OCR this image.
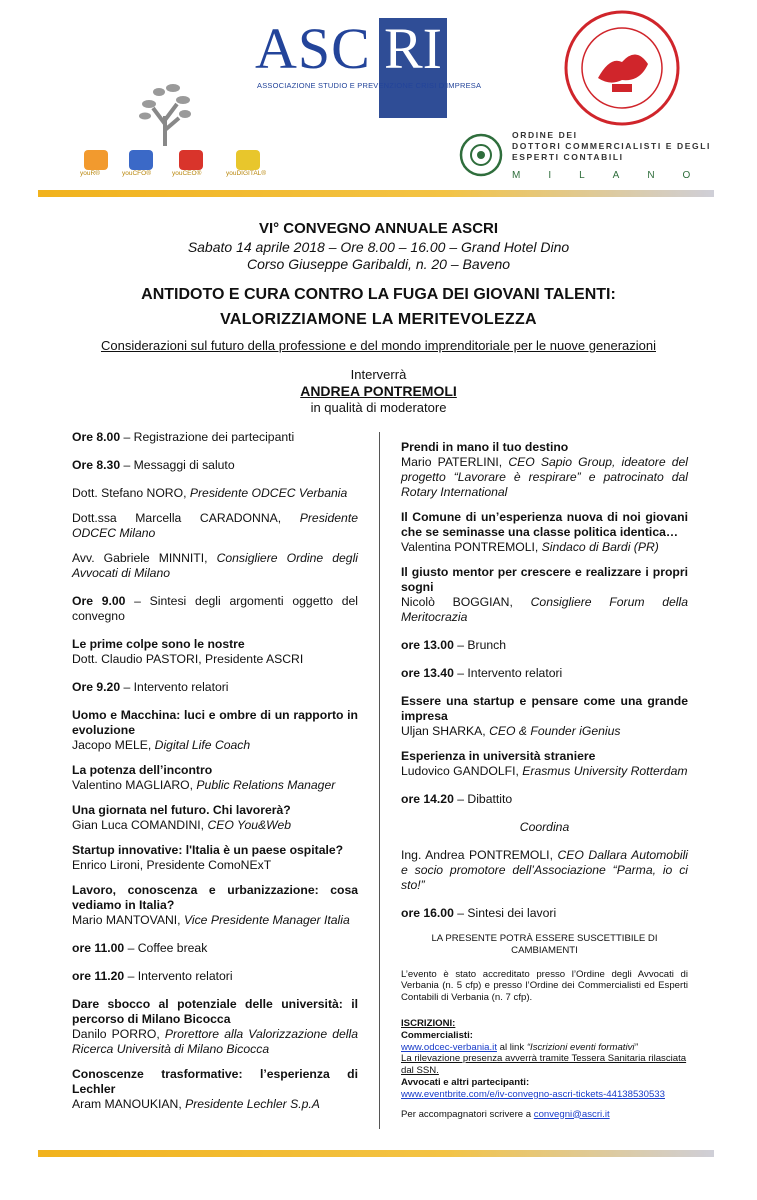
ASC RI
ASSOCIAZIONE STUDIO E PREVENZIONE CRISI D'IMPRESA
youR®	youCFO®	youCEO®	youDIGITAL®
ORDINE DEI
DOTTORI COMMERCIALISTI E DEGLI
ESPERTI CONTABILI
MILANO
VI° CONVEGNO ANNUALE ASCRI
Sabato 14 aprile 2018 – Ore 8.00 – 16.00 – Grand Hotel Dino
Corso Giuseppe Garibaldi, n. 20 – Baveno
ANTIDOTO E CURA CONTRO LA FUGA DEI GIOVANI TALENTI:
VALORIZZIAMONE LA MERITEVOLEZZA
Considerazioni sul futuro della professione e del mondo imprenditoriale per le nuove generazioni
Interverrà
ANDREA PONTREMOLI
in qualità di moderatore
Ore 8.00 – Registrazione dei partecipanti
Ore 8.30 – Messaggi di saluto
Dott. Stefano NORO, Presidente ODCEC Verbania
Dott.ssa Marcella CARADONNA, Presidente ODCEC Milano
Avv. Gabriele MINNITI, Consigliere Ordine degli Avvocati di Milano
Ore 9.00 – Sintesi degli argomenti oggetto del convegno
Le prime colpe sono le nostre
Dott. Claudio PASTORI, Presidente ASCRI
Ore 9.20 – Intervento relatori
Uomo e Macchina: luci e ombre di un rapporto in evoluzione
Jacopo MELE, Digital Life Coach
La potenza dell’incontro
Valentino MAGLIARO, Public Relations Manager
Una giornata nel futuro. Chi lavorerà?
Gian Luca COMANDINI, CEO You&Web
Startup innovative: l'Italia è un paese ospitale?
Enrico Lironi, Presidente ComoNExT
Lavoro, conoscenza e urbanizzazione: cosa vediamo in Italia?
Mario MANTOVANI, Vice Presidente Manager Italia
ore 11.00 – Coffee break
ore 11.20 – Intervento relatori
Dare sbocco al potenziale delle università: il percorso di Milano Bicocca
Danilo PORRO, Prorettore alla Valorizzazione della Ricerca Università di Milano Bicocca
Conoscenze trasformative: l’esperienza di Lechler
Aram MANOUKIAN, Presidente Lechler S.p.A
Prendi in mano il tuo destino
Mario PATERLINI, CEO Sapio Group, ideatore del progetto “Lavorare è respirare” e patrocinato dal Rotary International
Il Comune di un’esperienza nuova di noi giovani che se seminasse una classe politica identica…
Valentina PONTREMOLI, Sindaco di Bardi (PR)
Il giusto mentor per crescere e realizzare i propri sogni
Nicolò BOGGIAN, Consigliere Forum della Meritocrazia
ore 13.00 – Brunch
ore 13.40 – Intervento relatori
Essere una startup e pensare come una grande impresa
Uljan SHARKA, CEO & Founder iGenius
Esperienza in università straniere
Ludovico GANDOLFI, Erasmus University Rotterdam
ore 14.20 – Dibattito
Coordina
Ing. Andrea PONTREMOLI, CEO Dallara Automobili e socio promotore dell’Associazione “Parma, io ci sto!”
ore 16.00 – Sintesi dei lavori
LA PRESENTE POTRÀ ESSERE SUSCETTIBILE DI CAMBIAMENTI
L’evento è stato accreditato presso l’Ordine degli Avvocati di Verbania (n. 5 cfp) e presso l’Ordine dei Commercialisti ed Esperti Contabili di Verbania (n. 7 cfp).
ISCRIZIONI:
Commercialisti:
www.odcec-verbania.it al link “Iscrizioni eventi formativi”
La rilevazione presenza avverrà tramite Tessera Sanitaria rilasciata dal SSN.
Avvocati e altri partecipanti:
www.eventbrite.com/e/iv-convegno-ascri-tickets-44138530533
Per accompagnatori scrivere a convegni@ascri.it
